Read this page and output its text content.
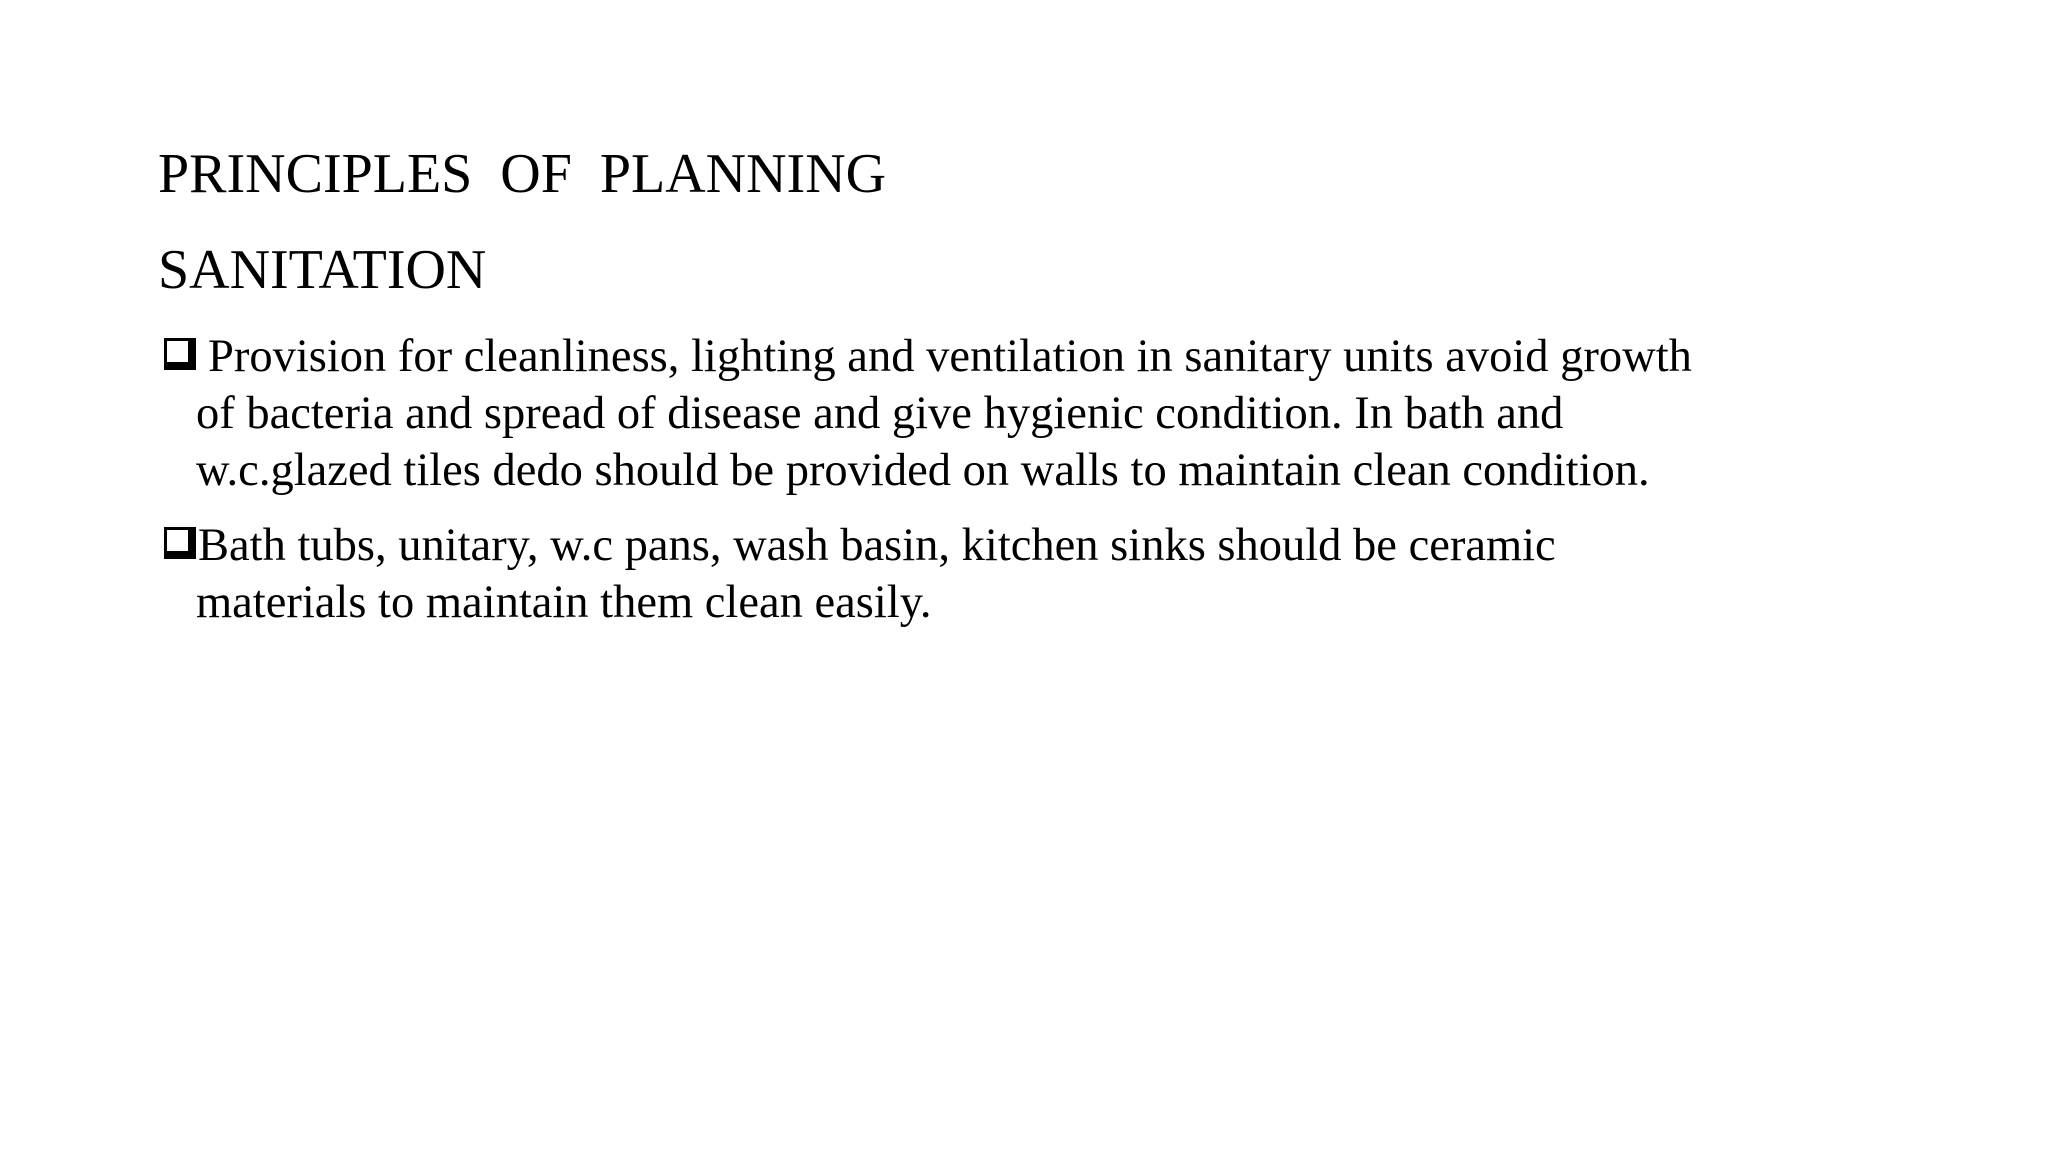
PRINCIPLES  OF  PLANNING
SANITATION
Provision for cleanliness, lighting and ventilation in sanitary units avoid growth
of bacteria and spread of disease and give hygienic condition. In bath and
w.c.glazed tiles dedo should be provided on walls to maintain clean condition.
Bath tubs, unitary, w.c pans, wash basin, kitchen sinks should be ceramic
materials to maintain them clean easily.
